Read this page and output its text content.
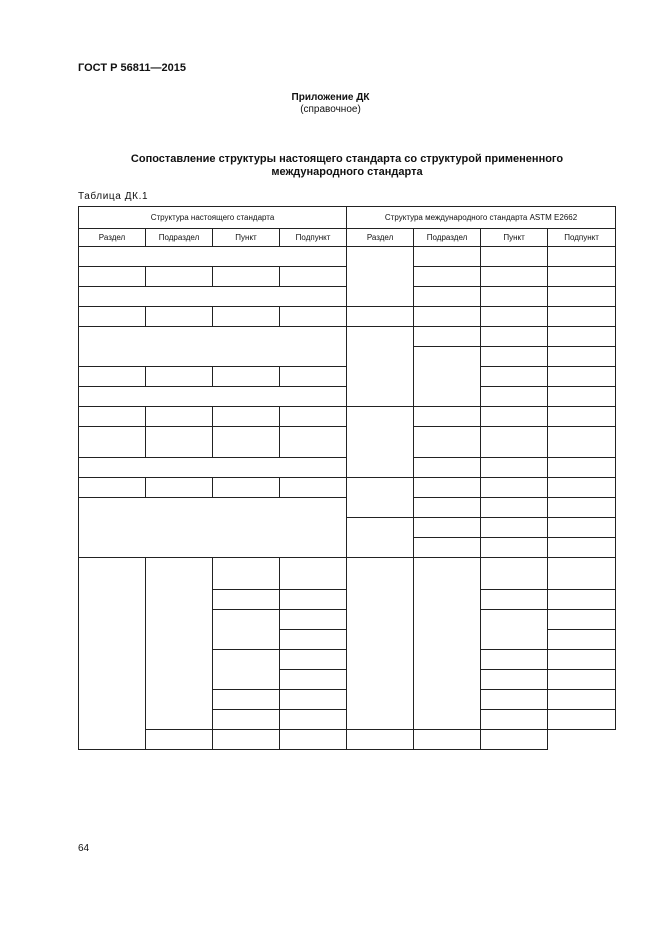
ГОСТ Р 56811—2015
Приложение ДК
(справочное)
Сопоставление структуры настоящего стандарта со структурой примененного
международного стандарта
Таблица ДК.1
Структура настоящего стандарта				Структура международного стандарта ASTM E2662			
Раздел	Подраздел	Пункт	Подпункт	Раздел	Подраздел	Пункт	Подпункт

64
